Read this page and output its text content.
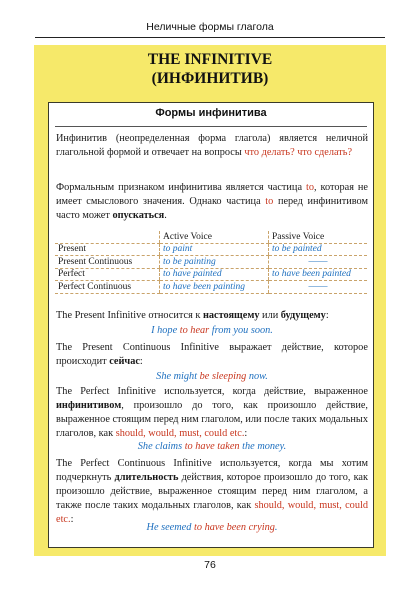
Неличные формы глагола
THE INFINITIVE
(ИНФИНИТИВ)
Формы инфинитива
Инфинитив (неопределенная форма глагола) является неличной глагольной формой и отвечает на вопросы что делать? что сделать?
Формальным признаком инфинитива является частица to, которая не имеет смыслового значения. Однако частица to перед инфинитивом часто может опускаться.
	Active Voice	Passive Voice
Present	to paint	to be painted
Present Continuous	to be painting	——
Perfect	to have painted	to have been painted
Perfect Continuous	to have been painting	——
The Present Infinitive относится к настоящему или будущему:
I hope to hear from you soon.
The Present Continuous Infinitive выражает действие, которое происходит сейчас:
She might be sleeping now.
The Perfect Infinitive используется, когда действие, выраженное инфинитивом, произошло до того, как произошло действие, выраженное стоящим перед ним глаголом, или после таких модальных глаголов, как should, would, must, could etc.:
She claims to have taken the money.
The Perfect Continuous Infinitive используется, когда мы хотим подчеркнуть длительность действия, которое произошло до того, как произошло действие, выраженное стоящим перед ним глаголом, а также после таких модальных глаголов, как should, would, must, could etc.:
He seemed to have been crying.
76
